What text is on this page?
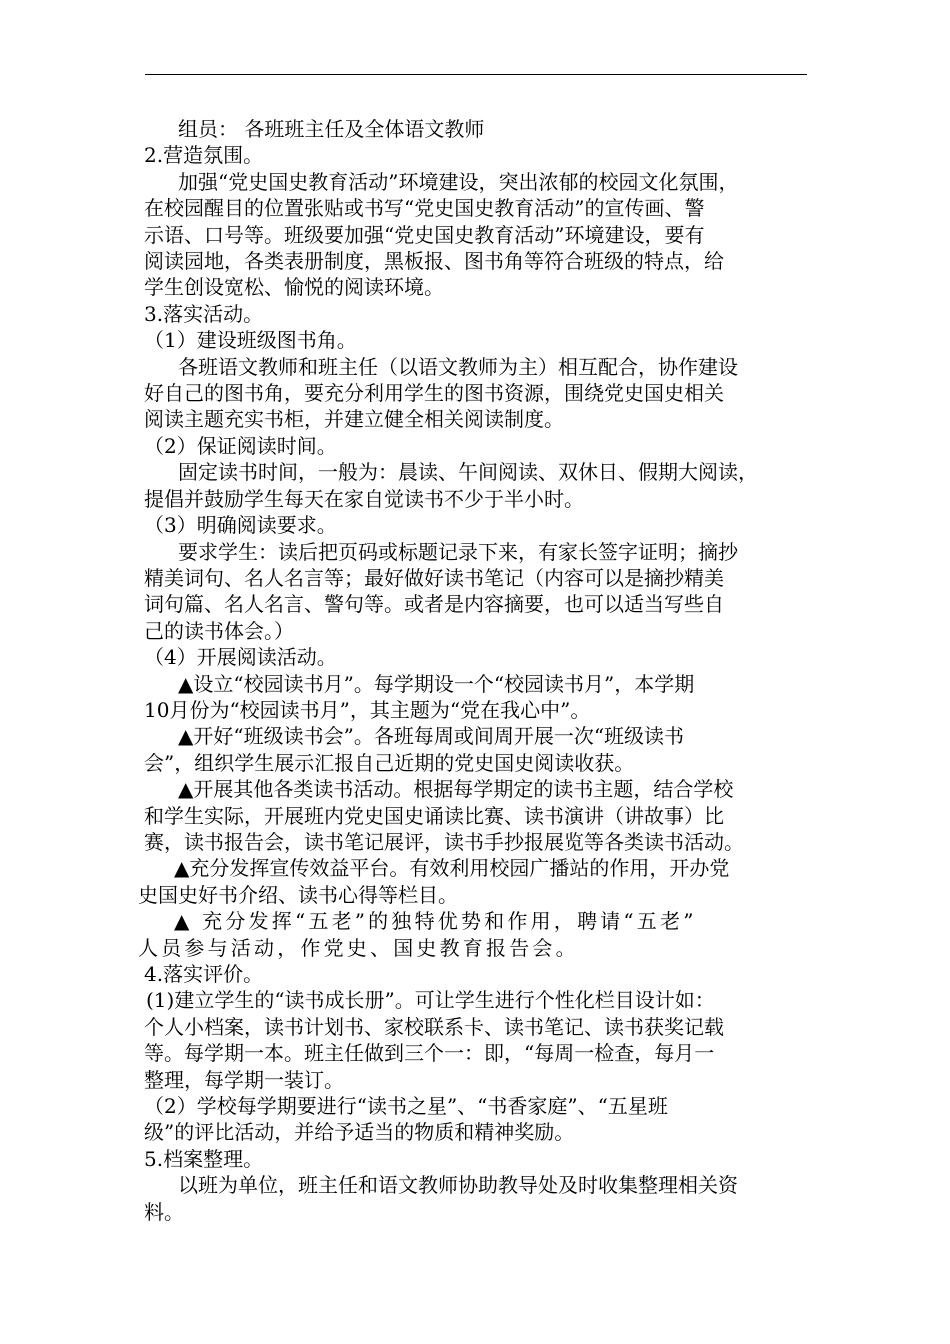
组员： 各班班主任及全体语文教师

2.营造氛围。

加强“党史国史教育活动”环境建设，突出浓郁的校园文化氛围，

在校园醒目的位置张贴或书写“党史国史教育活动”的宣传画、警

示语、口号等。班级要加强“党史国史教育活动”环境建设，要有

阅读园地，各类表册制度，黑板报、图书角等符合班级的特点，给

学生创设宽松、愉悦的阅读环境。

3.落实活动。

（1）建设班级图书角。

各班语文教师和班主任（以语文教师为主）相互配合，协作建设

好自己的图书角，要充分利用学生的图书资源，围绕党史国史相关

阅读主题充实书柜，并建立健全相关阅读制度。

（2）保证阅读时间。

固定读书时间，一般为：晨读、午间阅读、双休日、假期大阅读，

提倡并鼓励学生每天在家自觉读书不少于半小时。

（3）明确阅读要求。

要求学生：读后把页码或标题记录下来，有家长签字证明；摘抄

精美词句、名人名言等；最好做好读书笔记（内容可以是摘抄精美

词句篇、名人名言、警句等。或者是内容摘要，也可以适当写些自

己的读书体会。）

（4）开展阅读活动。

▲设立“校园读书月”。每学期设一个“校园读书月”，本学期

10月份为“校园读书月”，其主题为“党在我心中”。

▲开好“班级读书会”。各班每周或间周开展一次“班级读书

会”，组织学生展示汇报自己近期的党史国史阅读收获。

▲开展其他各类读书活动。根据每学期定的读书主题，结合学校

和学生实际，开展班内党史国史诵读比赛、读书演讲（讲故事）比

赛，读书报告会，读书笔记展评，读书手抄报展览等各类读书活动。

▲充分发挥宣传效益平台。有效利用校园广播站的作用，开办党

史国史好书介绍、读书心得等栏目。

▲ 充分发挥“五老”的独特优势和作用，聘请“五老”

人员参与活动，作党史、国史教育报告会。

4.落实评价。

(1)建立学生的“读书成长册”。可让学生进行个性化栏目设计如：

个人小档案，读书计划书、家校联系卡、读书笔记、读书获奖记载

等。每学期一本。班主任做到三个一：即，“每周一检查，每月一

整理，每学期一装订。

（2）学校每学期要进行“读书之星”、“书香家庭”、“五星班

级”的评比活动，并给予适当的物质和精神奖励。

5.档案整理。

以班为单位，班主任和语文教师协助教导处及时收集整理相关资

料。
